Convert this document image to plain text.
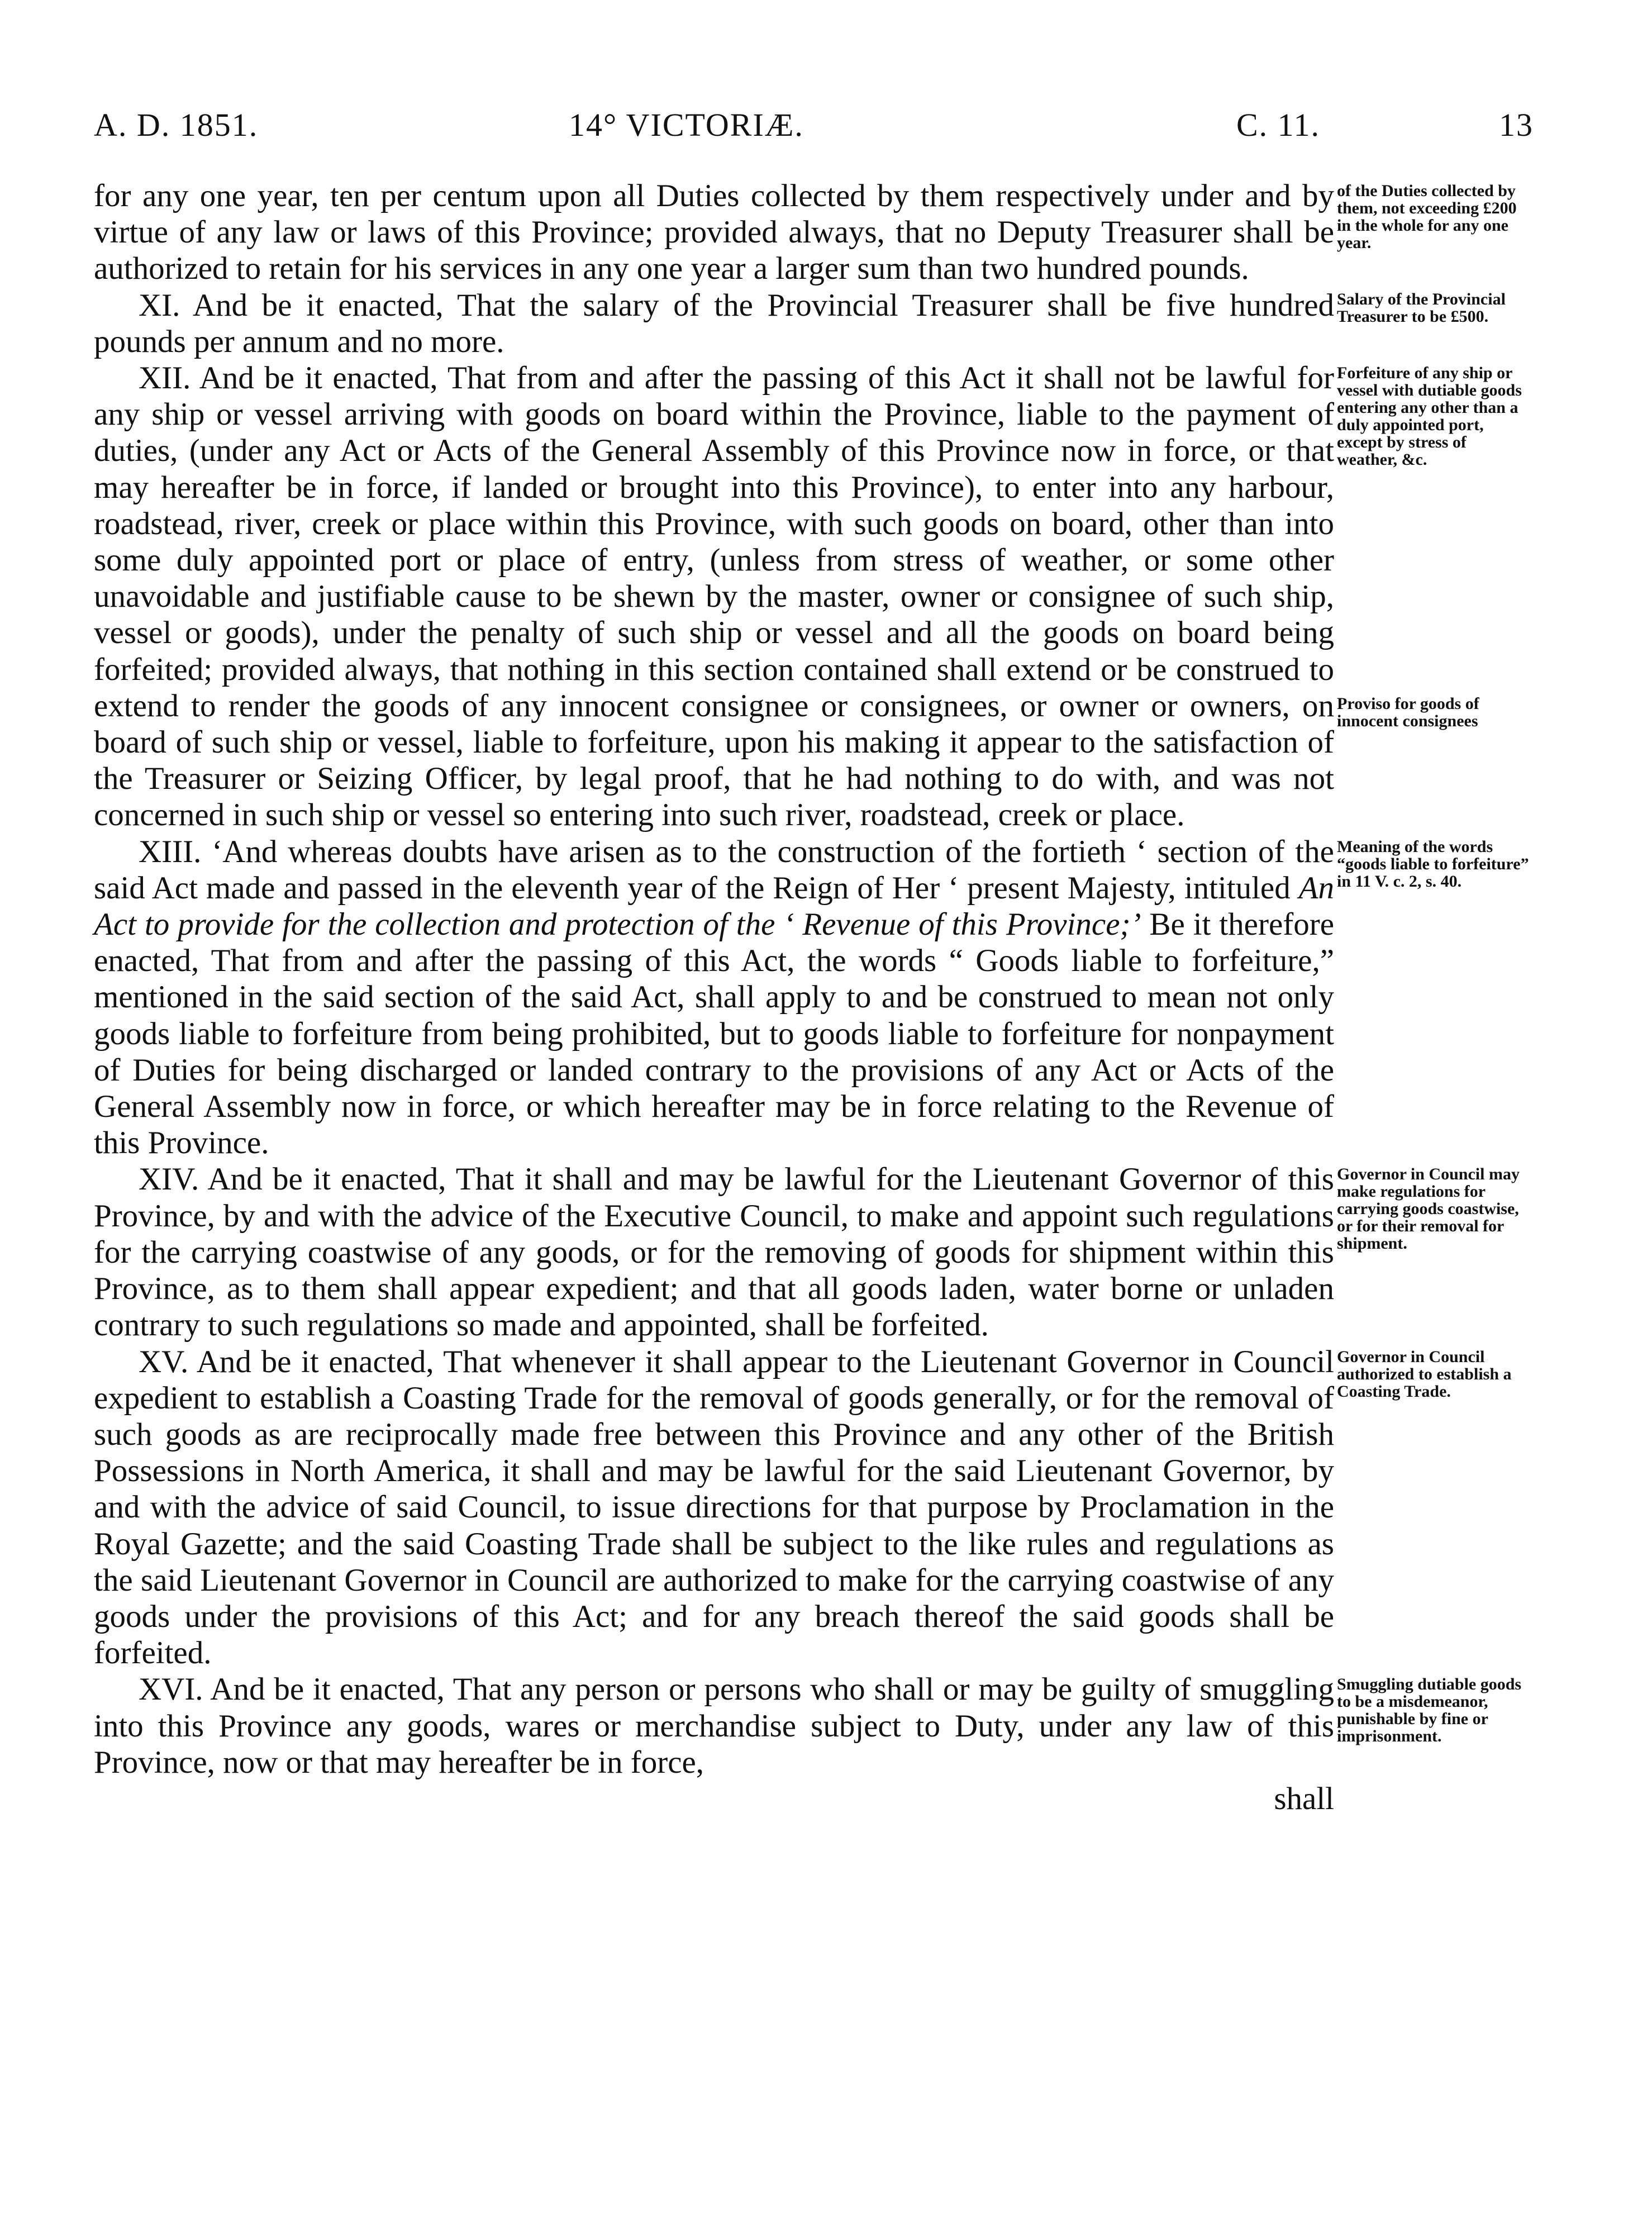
A. D. 1851.	14° VICTORIÆ.	C. 11.	13

for any one year, ten per centum upon all Duties collected by them respectively under and by virtue of any law or laws of this Province; provided always, that no Deputy Treasurer shall be authorized to retain for his services in any one year a larger sum than two hundred pounds.

of the Duties collected by them, not exceeding £200 in the whole for any one year.

XI. And be it enacted, That the salary of the Provincial Treasurer shall be five hundred pounds per annum and no more.

Salary of the Provincial Treasurer to be £500.

XII. And be it enacted, That from and after the passing of this Act it shall not be lawful for any ship or vessel arriving with goods on board within the Province, liable to the payment of duties, (under any Act or Acts of the General Assembly of this Province now in force, or that may hereafter be in force, if landed or brought into this Province), to enter into any harbour, roadstead, river, creek or place within this Province, with such goods on board, other than into some duly appointed port or place of entry, (unless from stress of weather, or some other unavoidable and justifiable cause to be shewn by the master, owner or consignee of such ship, vessel or goods), under the penalty of such ship or vessel and all the goods on board being forfeited; provided always, that nothing in this section contained shall extend or be construed to extend to render the goods of any innocent consignee or consignees, or owner or owners, on board of such ship or vessel, liable to forfeiture, upon his making it appear to the satisfaction of the Treasurer or Seizing Officer, by legal proof, that he had nothing to do with, and was not concerned in such ship or vessel so entering into such river, roadstead, creek or place.

Forfeiture of any ship or vessel with dutiable goods entering any other than a duly appointed port, except by stress of weather, &c.
Proviso for goods of innocent consignees

XIII. ‘And whereas doubts have arisen as to the construction of the fortieth ‘ section of the said Act made and passed in the eleventh year of the Reign of Her ‘ present Majesty, intituled An Act to provide for the collection and protection of the ‘ Revenue of this Province;’ Be it therefore enacted, That from and after the passing of this Act, the words “ Goods liable to forfeiture,” mentioned in the said section of the said Act, shall apply to and be construed to mean not only goods liable to forfeiture from being prohibited, but to goods liable to forfeiture for nonpayment of Duties for being discharged or landed contrary to the provisions of any Act or Acts of the General Assembly now in force, or which hereafter may be in force relating to the Revenue of this Province.

Meaning of the words “goods liable to forfeiture” in 11 V. c. 2, s. 40.

XIV. And be it enacted, That it shall and may be lawful for the Lieutenant Governor of this Province, by and with the advice of the Executive Council, to make and appoint such regulations for the carrying coastwise of any goods, or for the removing of goods for shipment within this Province, as to them shall appear expedient; and that all goods laden, water borne or unladen contrary to such regulations so made and appointed, shall be forfeited.

Governor in Council may make regulations for carrying goods coastwise, or for their removal for shipment.

XV. And be it enacted, That whenever it shall appear to the Lieutenant Governor in Council expedient to establish a Coasting Trade for the removal of goods generally, or for the removal of such goods as are reciprocally made free between this Province and any other of the British Possessions in North America, it shall and may be lawful for the said Lieutenant Governor, by and with the advice of said Council, to issue directions for that purpose by Proclamation in the Royal Gazette; and the said Coasting Trade shall be subject to the like rules and regulations as the said Lieutenant Governor in Council are authorized to make for the carrying coastwise of any goods under the provisions of this Act; and for any breach thereof the said goods shall be forfeited.

Governor in Council authorized to establish a Coasting Trade.

XVI. And be it enacted, That any person or persons who shall or may be guilty of smuggling into this Province any goods, wares or merchandise subject to Duty, under any law of this Province, now or that may hereafter be in force,

shall

Smuggling dutiable goods to be a misdemeanor, punishable by fine or imprisonment.
